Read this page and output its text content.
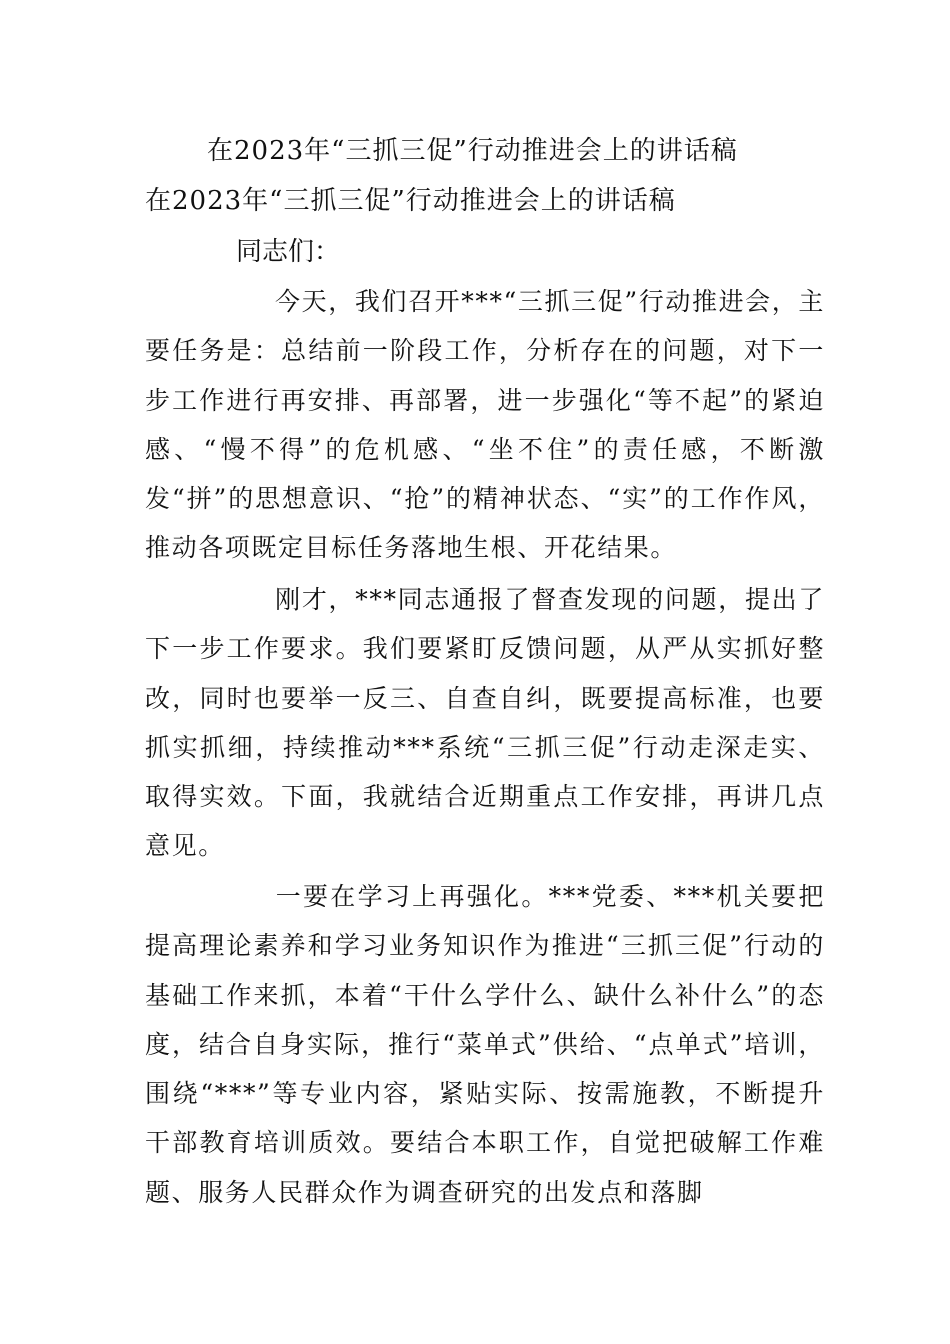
在2023年“三抓三促”行动推进会上的讲话稿
在2023年“三抓三促”行动推进会上的讲话稿
同志们：

今天，我们召开***“三抓三促”行动推进会，主要任务是：总结前一阶段工作，分析存在的问题，对下一步工作进行再安排、再部署，进一步强化“等不起”的紧迫感、“慢不得”的危机感、“坐不住”的责任感，不断激发“拼”的思想意识、“抢”的精神状态、“实”的工作作风，推动各项既定目标任务落地生根、开花结果。

刚才，***同志通报了督查发现的问题，提出了下一步工作要求。我们要紧盯反馈问题，从严从实抓好整改，同时也要举一反三、自查自纠，既要提高标准，也要抓实抓细，持续推动***系统“三抓三促”行动走深走实、取得实效。下面，我就结合近期重点工作安排，再讲几点意见。

一要在学习上再强化。***党委、***机关要把提高理论素养和学习业务知识作为推进“三抓三促”行动的基础工作来抓，本着“干什么学什么、缺什么补什么”的态度，结合自身实际，推行“菜单式”供给、“点单式”培训，围绕“***”等专业内容，紧贴实际、按需施教，不断提升干部教育培训质效。要结合本职工作，自觉把破解工作难题、服务人民群众作为调查研究的出发点和落脚
